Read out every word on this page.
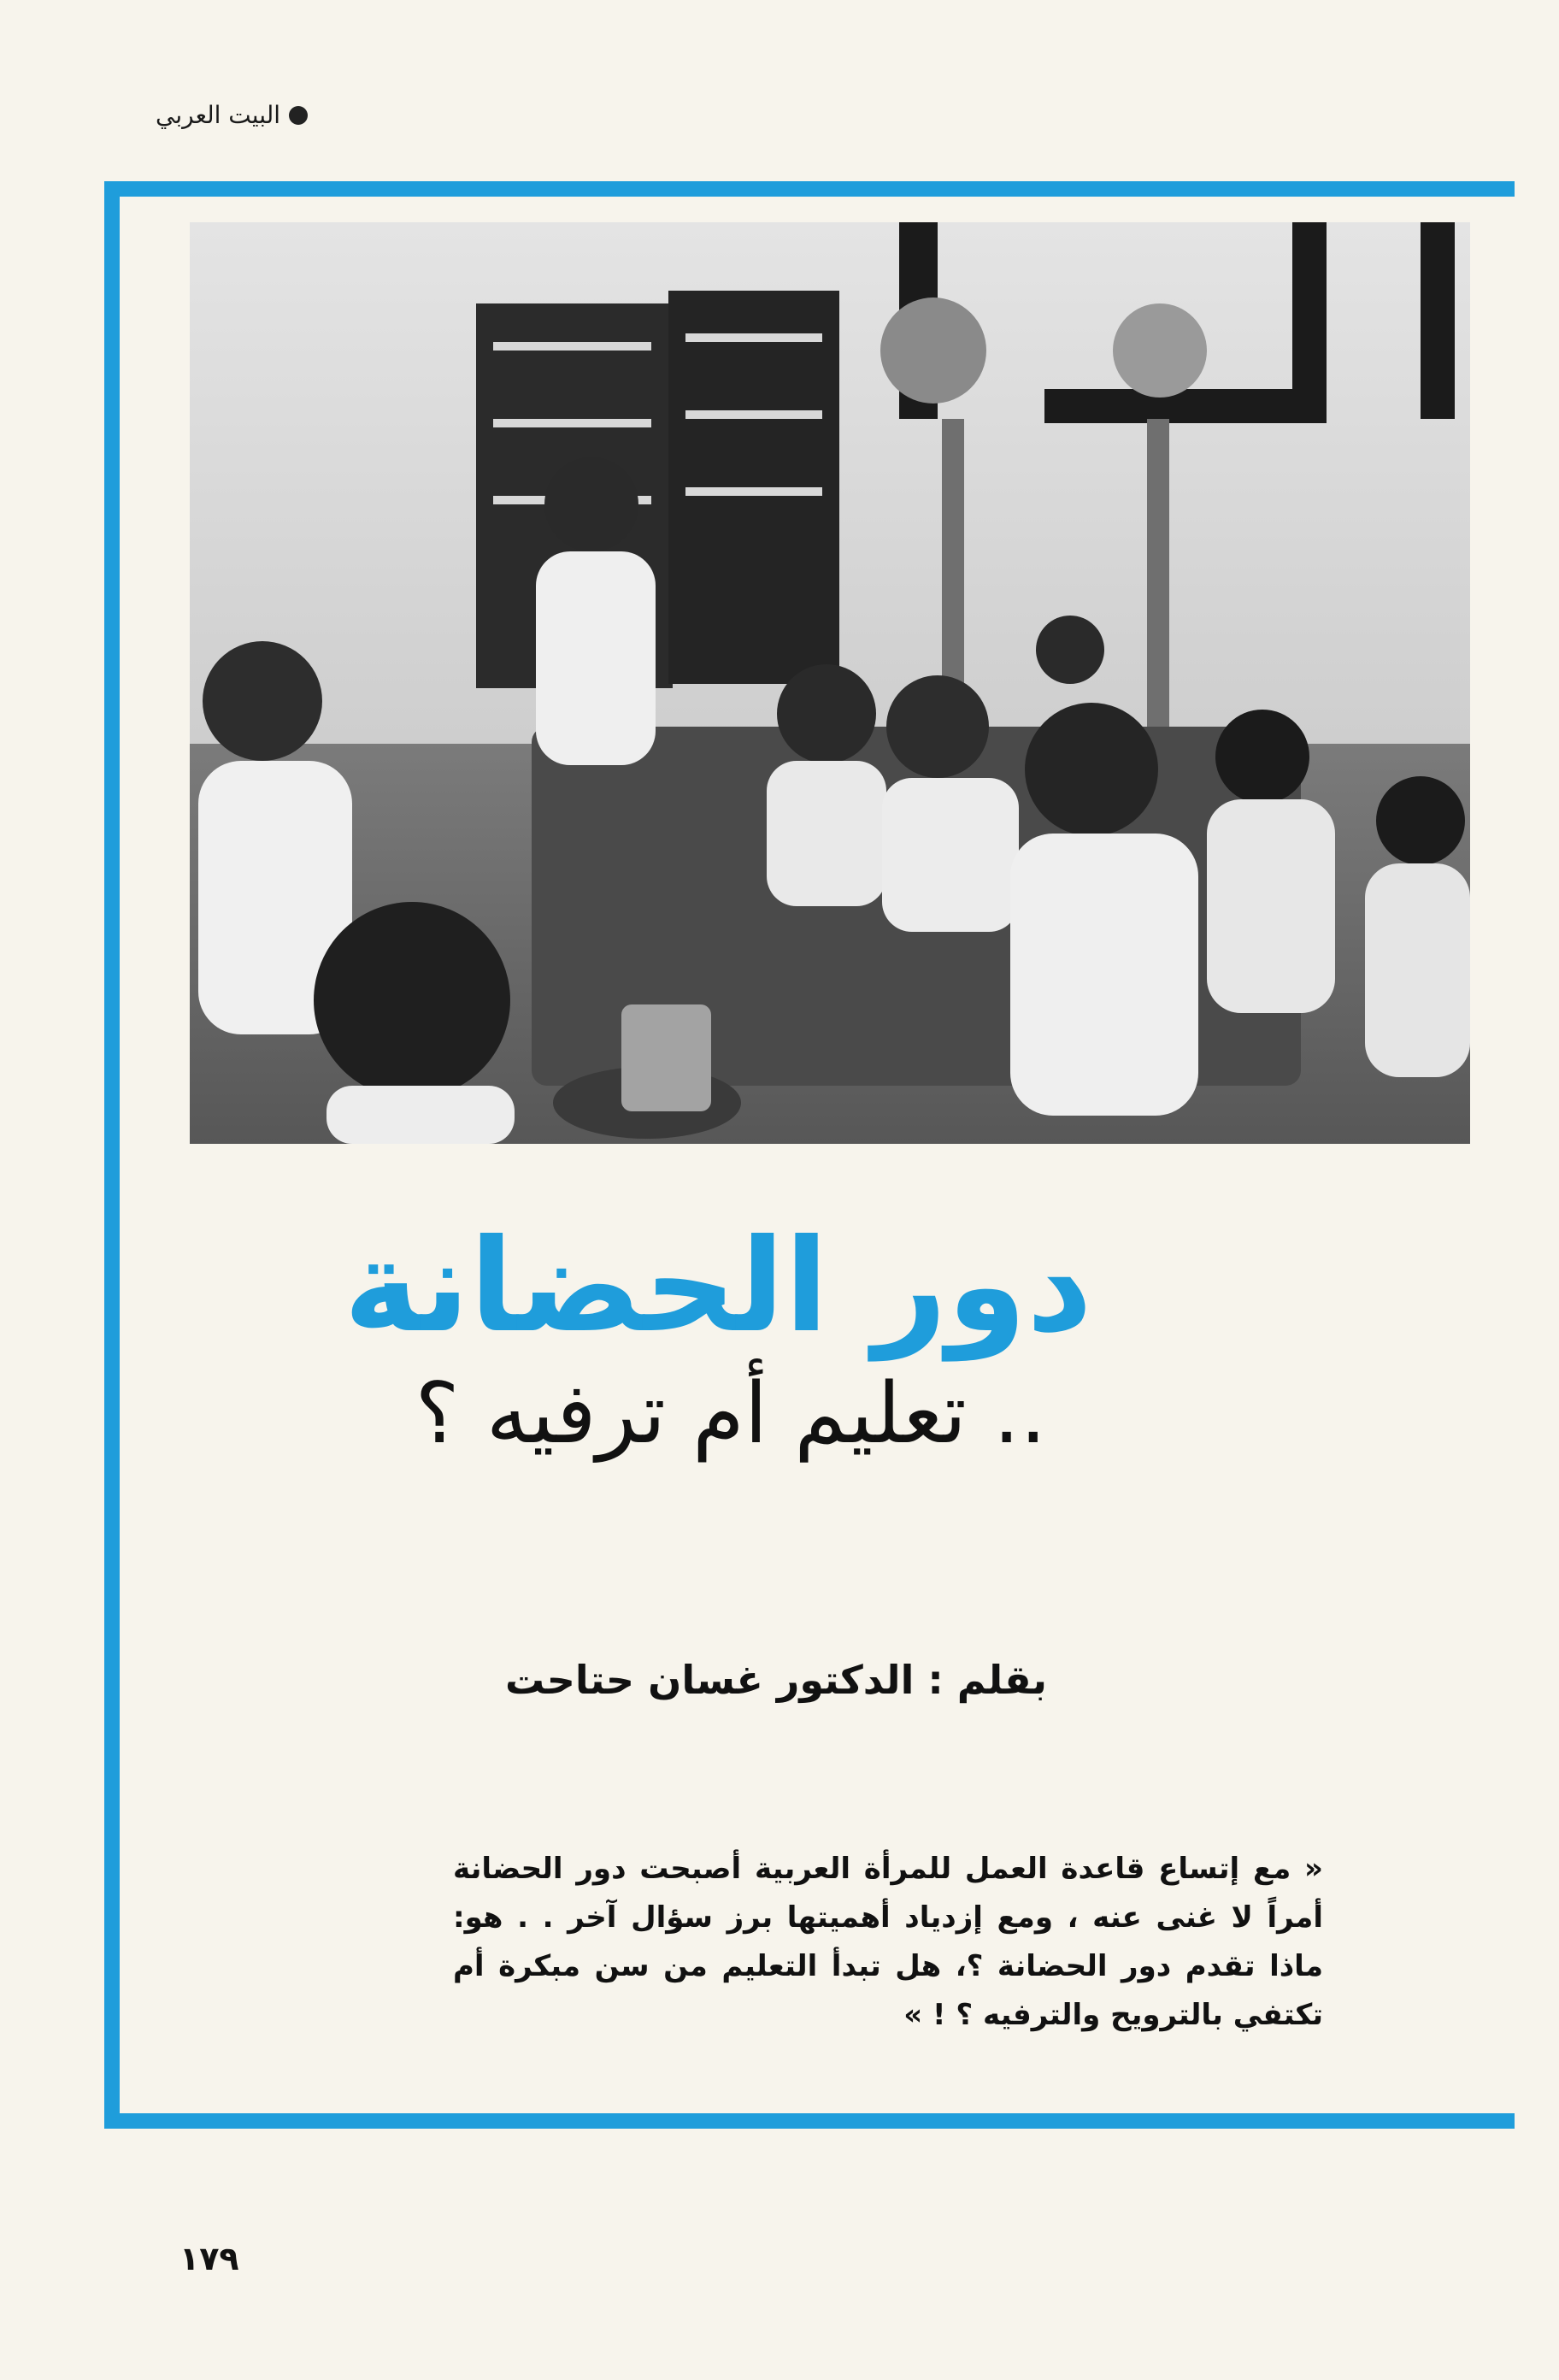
البيت العربي
دور الحضانة
.. تعليم أم ترفيه ؟
بقلم : الدكتور غسان حتاحت
« مع إتساع قاعدة العمل للمرأة العربية أصبحت دور الحضانة أمراً لا غنى عنه ، ومع إزدياد أهميتها برز سؤال آخر . . هو: ماذا تقدم دور الحضانة ؟، هل تبدأ التعليم من سن مبكرة أم تكتفي بالترويح والترفيه ؟ ! »
١٧٩
